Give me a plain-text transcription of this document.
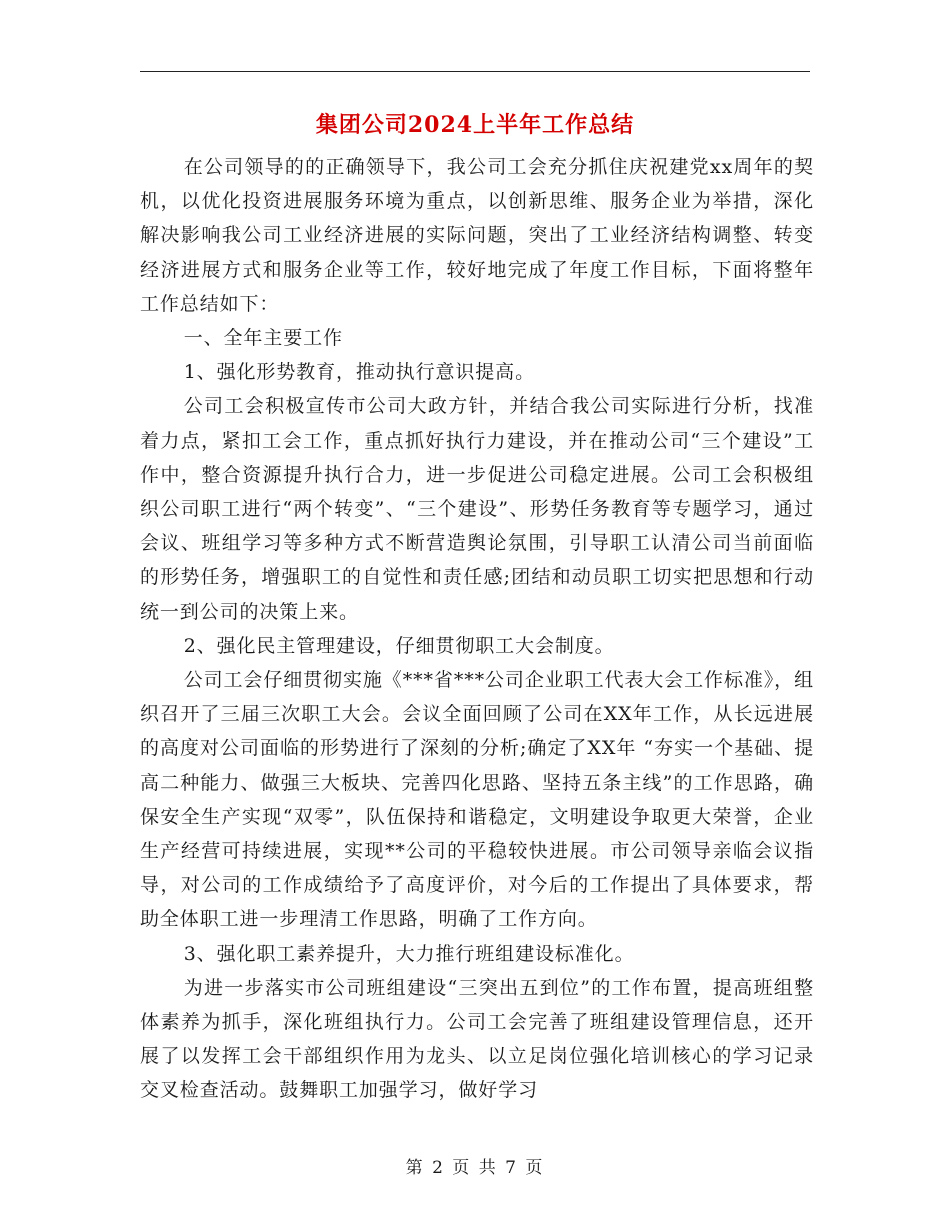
集团公司2024上半年工作总结

在公司领导的的正确领导下，我公司工会充分抓住庆祝建党xx周年的契机，以优化投资进展服务环境为重点，以创新思维、服务企业为举措，深化解决影响我公司工业经济进展的实际问题，突出了工业经济结构调整、转变经济进展方式和服务企业等工作，较好地完成了年度工作目标，下面将整年工作总结如下：

一、全年主要工作

1、强化形势教育，推动执行意识提高。

公司工会积极宣传市公司大政方针，并结合我公司实际进行分析，找准着力点，紧扣工会工作，重点抓好执行力建设，并在推动公司“三个建设”工作中，整合资源提升执行合力，进一步促进公司稳定进展。公司工会积极组织公司职工进行“两个转变”、“三个建设”、形势任务教育等专题学习，通过会议、班组学习等多种方式不断营造舆论氛围，引导职工认清公司当前面临的形势任务，增强职工的自觉性和责任感;团结和动员职工切实把思想和行动统一到公司的决策上来。

2、强化民主管理建设，仔细贯彻职工大会制度。

公司工会仔细贯彻实施《***省***公司企业职工代表大会工作标准》，组织召开了三届三次职工大会。会议全面回顾了公司在XX年工作，从长远进展的高度对公司面临的形势进行了深刻的分析;确定了XX年 “夯实一个基础、提高二种能力、做强三大板块、完善四化思路、坚持五条主线”的工作思路，确保安全生产实现“双零”，队伍保持和谐稳定，文明建设争取更大荣誉，企业生产经营可持续进展，实现**公司的平稳较快进展。市公司领导亲临会议指导，对公司的工作成绩给予了高度评价，对今后的工作提出了具体要求，帮助全体职工进一步理清工作思路，明确了工作方向。

3、强化职工素养提升，大力推行班组建设标准化。

为进一步落实市公司班组建设“三突出五到位”的工作布置，提高班组整体素养为抓手，深化班组执行力。公司工会完善了班组建设管理信息，还开展了以发挥工会干部组织作用为龙头、以立足岗位强化培训核心的学习记录交叉检查活动。鼓舞职工加强学习，做好学习

第 2 页 共 7 页
